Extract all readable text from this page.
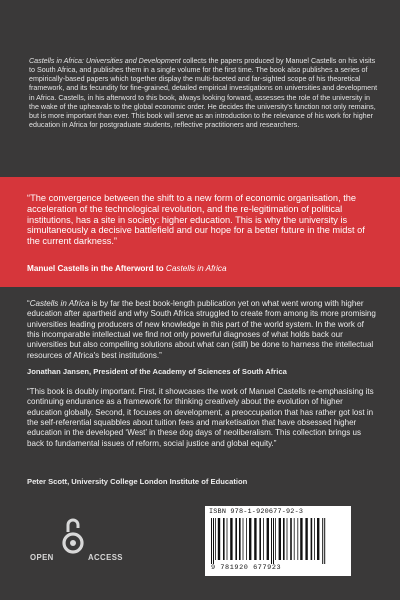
Castells in Africa: Universities and Development collects the papers produced by Manuel Castells on his visits to South Africa, and publishes them in a single volume for the first time. The book also publishes a series of empirically-based papers which together display the multi-faceted and far-sighted scope of his theoretical framework, and its fecundity for fine-grained, detailed empirical investigations on universities and development in Africa. Castells, in his afterword to this book, always looking forward, assesses the role of the university in the wake of the upheavals to the global economic order. He decides the university's function not only remains, but is more important than ever. This book will serve as an introduction to the relevance of his work for higher education in Africa for postgraduate students, reflective practitioners and researchers.
“The convergence between the shift to a new form of economic organisation, the acceleration of the technological revolution, and the re-legitimation of political institutions, has a site in society: higher education. This is why the university is simultaneously a decisive battlefield and our hope for a better future in the midst of the current darkness.”
Manuel Castells in the Afterword to Castells in Africa
“Castells in Africa is by far the best book-length publication yet on what went wrong with higher education after apartheid and why South Africa struggled to create from among its more promising universities leading producers of new knowledge in this part of the world system. In the work of this incomparable intellectual we find not only powerful diagnoses of what holds back our universities but also compelling solutions about what can (still) be done to harness the intellectual resources of Africa's best institutions.”
Jonathan Jansen, President of the Academy of Sciences of South Africa
“This book is doubly important. First, it showcases the work of Manuel Castells re-emphasising its continuing endurance as a framework for thinking creatively about the evolution of higher education globally. Second, it focuses on development, a preoccupation that has rather got lost in the self-referential squabbles about tuition fees and marketisation that have obsessed higher education in the developed ‘West’ in these dog days of neoliberalism. This collection brings us back to fundamental issues of reform, social justice and global equity.”
Peter Scott, University College London Institute of Education
OPEN	ACCESS
ISBN 978-1-920677-92-3
9 781920 677923
